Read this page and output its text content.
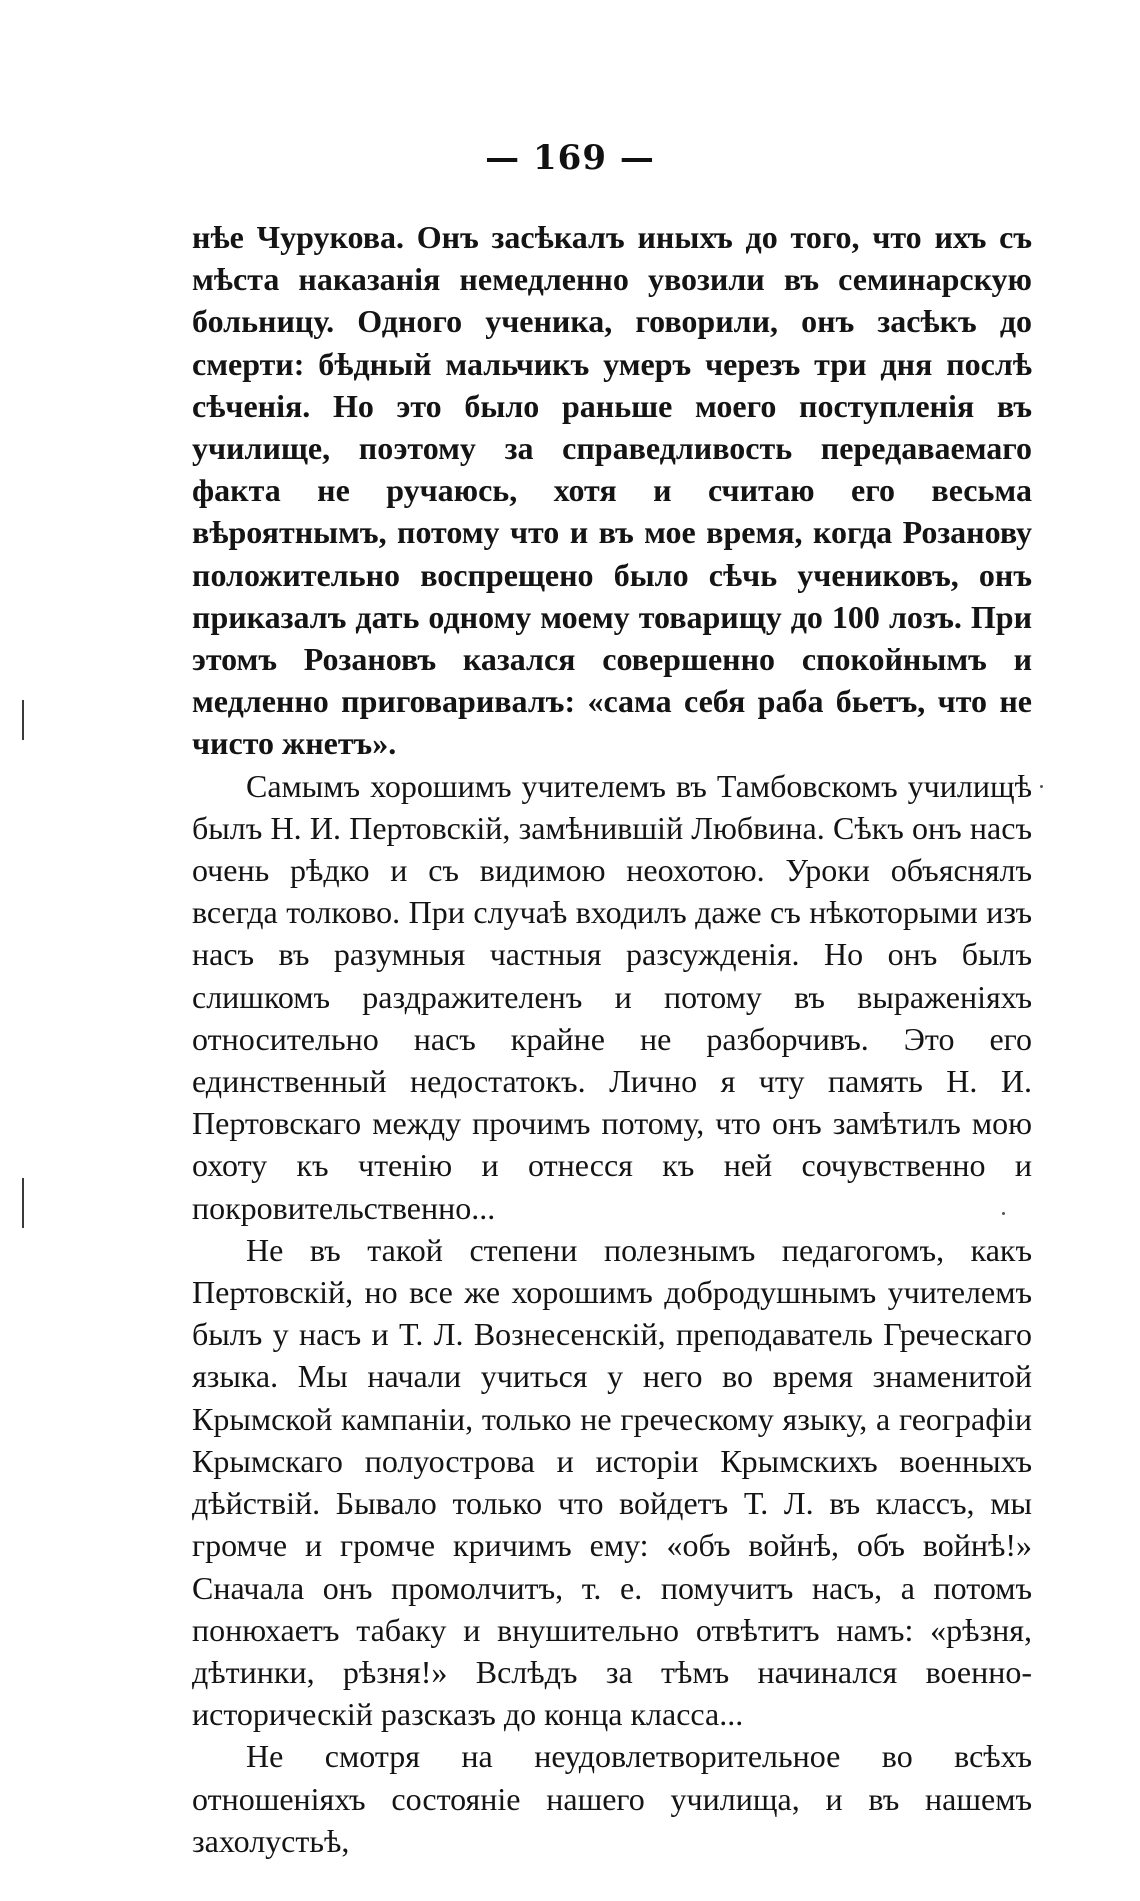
— 169 —

нѣе Чурукова. Онъ засѣкалъ иныхъ до того, что ихъ съ мѣста наказанія немедленно увозили въ семинарскую больницу. Одного ученика, говорили, онъ засѣкъ до смерти: бѣдный мальчикъ умеръ черезъ три дня послѣ сѣченія. Но это было раньше моего поступленія въ училище, поэтому за справедливость передаваемаго факта не ручаюсь, хотя и считаю его весьма вѣроятнымъ, потому что и въ мое время, когда Розанову положительно воспрещено было сѣчь учениковъ, онъ приказалъ дать одному моему товарищу до 100 лозъ. При этомъ Розановъ казался совершенно спокойнымъ и медленно приговаривалъ: «сама себя раба бьетъ, что не чисто жнетъ».

Самымъ хорошимъ учителемъ въ Тамбовскомъ училищѣ былъ Н. И. Пертовскій, замѣнившій Любвина. Сѣкъ онъ насъ очень рѣдко и съ видимою неохотою. Уроки объяснялъ всегда толково. При случаѣ входилъ даже съ нѣкоторыми изъ насъ въ разумныя частныя разсужденія. Но онъ былъ слишкомъ раздражителенъ и потому въ выраженіяхъ относительно насъ крайне не разборчивъ. Это его единственный недостатокъ. Лично я чту память Н. И. Пертовскаго между прочимъ потому, что онъ замѣтилъ мою охоту къ чтенію и отнесся къ ней сочувственно и покровительственно...

Не въ такой степени полезнымъ педагогомъ, какъ Пертовскій, но все же хорошимъ добродушнымъ учителемъ былъ у насъ и Т. Л. Вознесенскій, преподаватель Греческаго языка. Мы начали учиться у него во время знаменитой Крымской кампаніи, только не греческому языку, а географіи Крымскаго полуострова и исторіи Крымскихъ военныхъ дѣйствій. Бывало только что войдетъ Т. Л. въ классъ, мы громче и громче кричимъ ему: «объ войнѣ, объ войнѣ!» Сначала онъ промолчитъ, т. е. помучитъ насъ, а потомъ понюхаетъ табаку и внушительно отвѣтитъ намъ: «рѣзня, дѣтинки, рѣзня!» Вслѣдъ за тѣмъ начинался военно-историческій разсказъ до конца класса...

Не смотря на неудовлетворительное во всѣхъ отношеніяхъ состояніе нашего училища, и въ нашемъ захолустьѣ,
